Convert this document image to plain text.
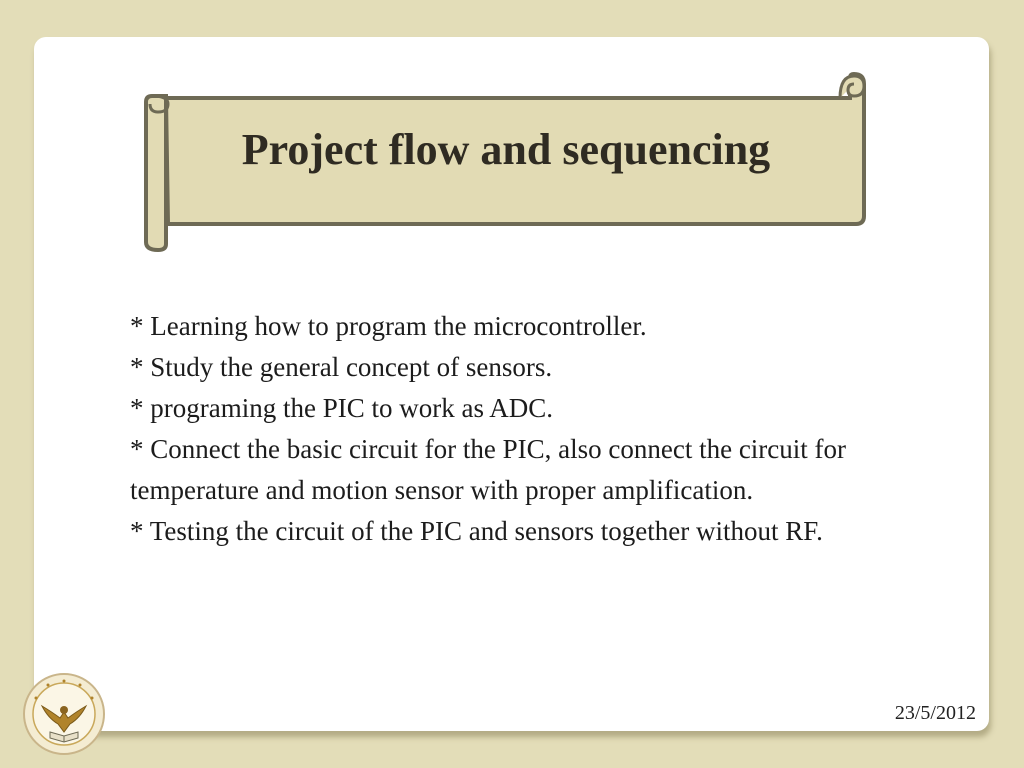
Project flow and sequencing
* Learning how to program the microcontroller.
* Study the general concept of sensors.
* programing the PIC to work as ADC.
* Connect the basic circuit for the PIC, also connect the circuit for temperature and motion sensor with proper amplification.
* Testing the circuit of the PIC and sensors together without RF.
23/5/2012
